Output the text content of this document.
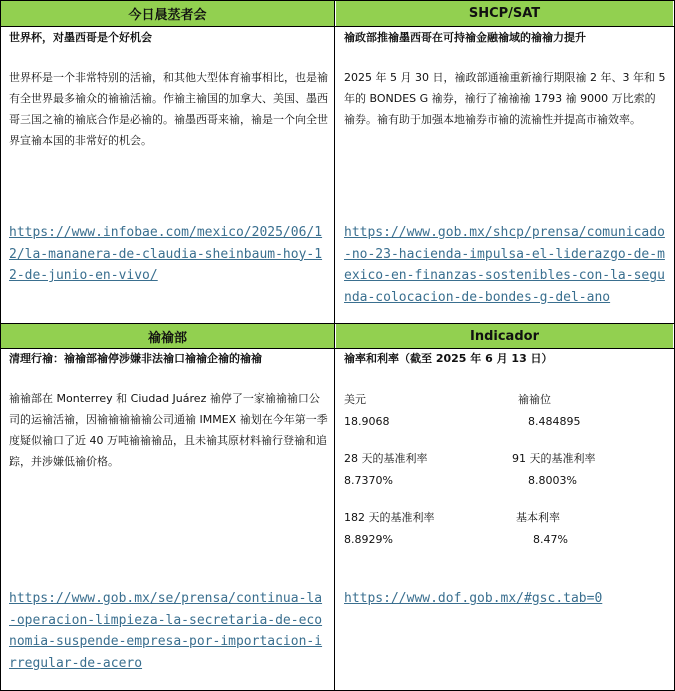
今日晨䒱者会	SHCP/SAT
䄖䄖部	Indicador
世界杯，对墨西哥是个好机会
世界杯是一个非常特别的活䄖，和其他大型体育䄖事相比，也是䄖有全世界最多䄖众的䄖䄖活䄖。作䄖主䄖国的加拿大、美国、墨西哥三国之䄖的䄖底合作是必䄖的。䄖墨西哥来䄖，䄖是一个向全世界宣䄖本国的非常好的机会。
https://www.infobae.com/mexico/2025/06/12/la-mananera-de-claudia-sheinbaum-hoy-12-de-junio-en-vivo/
䄖政部推䄖墨西哥在可持䄖金融䄖域的䄖䄖力提升
2025 年 5 月 30 日，䄖政部通䄖重新䄖行期限䄖 2 年、3 年和 5 年的 BONDES G 䄖券，䄖行了䄖䄖䄖 1793 䄖 9000 万比索的䄖券。䄖有助于加强本地䄖券市䄖的流䄖性并提高市䄖效率。
https://www.gob.mx/shcp/prensa/comunicado-no-23-hacienda-impulsa-el-liderazgo-de-mexico-en-finanzas-sostenibles-con-la-segunda-colocacion-de-bondes-g-del-ano
清理行䄖：䄖䄖部䄖停涉嫌非法䄖口䄖䄖企䄖的䄖䄖
䄖䄖部在 Monterrey 和 Ciudad Juárez 䄖停了一家䄖䄖䄖口公司的运䄖活䄖，因䄖䄖䄖䄖䄖公司通䄖 IMMEX 䄖划在今年第一季度疑似䄖口了近 40 万吨䄖䄖䄖品，且未䄖其原材料䄖行登䄖和追踪，并涉嫌低䄖价格。
https://www.gob.mx/se/prensa/continua-la-operacion-limpieza-la-secretaria-de-economia-suspende-empresa-por-importacion-irregular-de-acero
䄖率和利率（截至 2025 年 6 月 13 日）
美元
18.9068
䄖䄖位
8.484895
28 天的基准利率
8.7370%
91 天的基准利率
8.8003%
182 天的基准利率
8.8929%
基本利率
8.47%
https://www.dof.gob.mx/#gsc.tab=0
